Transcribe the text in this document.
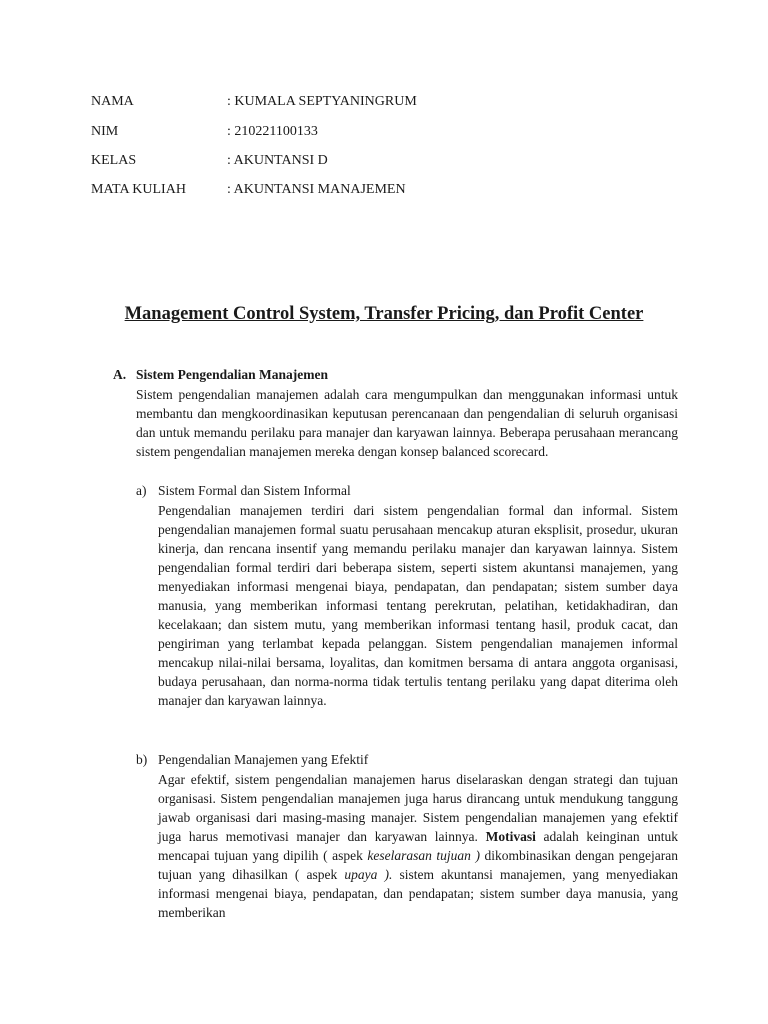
NAMA	: KUMALA SEPTYANINGRUM
NIM	: 210221100133
KELAS	: AKUNTANSI D
MATA KULIAH	: AKUNTANSI MANAJEMEN
Management Control System, Transfer Pricing, dan Profit Center
A. Sistem Pengendalian Manajemen
Sistem pengendalian manajemen adalah cara mengumpulkan dan menggunakan informasi untuk membantu dan mengkoordinasikan keputusan perencanaan dan pengendalian di seluruh organisasi dan untuk memandu perilaku para manajer dan karyawan lainnya. Beberapa perusahaan merancang sistem pengendalian manajemen mereka dengan konsep balanced scorecard.
a) Sistem Formal dan Sistem Informal
Pengendalian manajemen terdiri dari sistem pengendalian formal dan informal. Sistem pengendalian manajemen formal suatu perusahaan mencakup aturan eksplisit, prosedur, ukuran kinerja, dan rencana insentif yang memandu perilaku manajer dan karyawan lainnya. Sistem pengendalian formal terdiri dari beberapa sistem, seperti sistem akuntansi manajemen, yang menyediakan informasi mengenai biaya, pendapatan, dan pendapatan; sistem sumber daya manusia, yang memberikan informasi tentang perekrutan, pelatihan, ketidakhadiran, dan kecelakaan; dan sistem mutu, yang memberikan informasi tentang hasil, produk cacat, dan pengiriman yang terlambat kepada pelanggan. Sistem pengendalian manajemen informal mencakup nilai-nilai bersama, loyalitas, dan komitmen bersama di antara anggota organisasi, budaya perusahaan, dan norma-norma tidak tertulis tentang perilaku yang dapat diterima oleh manajer dan karyawan lainnya.
b) Pengendalian Manajemen yang Efektif
Agar efektif, sistem pengendalian manajemen harus diselaraskan dengan strategi dan tujuan organisasi. Sistem pengendalian manajemen juga harus dirancang untuk mendukung tanggung jawab organisasi dari masing-masing manajer. Sistem pengendalian manajemen yang efektif juga harus memotivasi manajer dan karyawan lainnya. Motivasi adalah keinginan untuk mencapai tujuan yang dipilih ( aspek keselarasan tujuan ) dikombinasikan dengan pengejaran tujuan yang dihasilkan ( aspek upaya ). sistem akuntansi manajemen, yang menyediakan informasi mengenai biaya, pendapatan, dan pendapatan; sistem sumber daya manusia, yang memberikan
